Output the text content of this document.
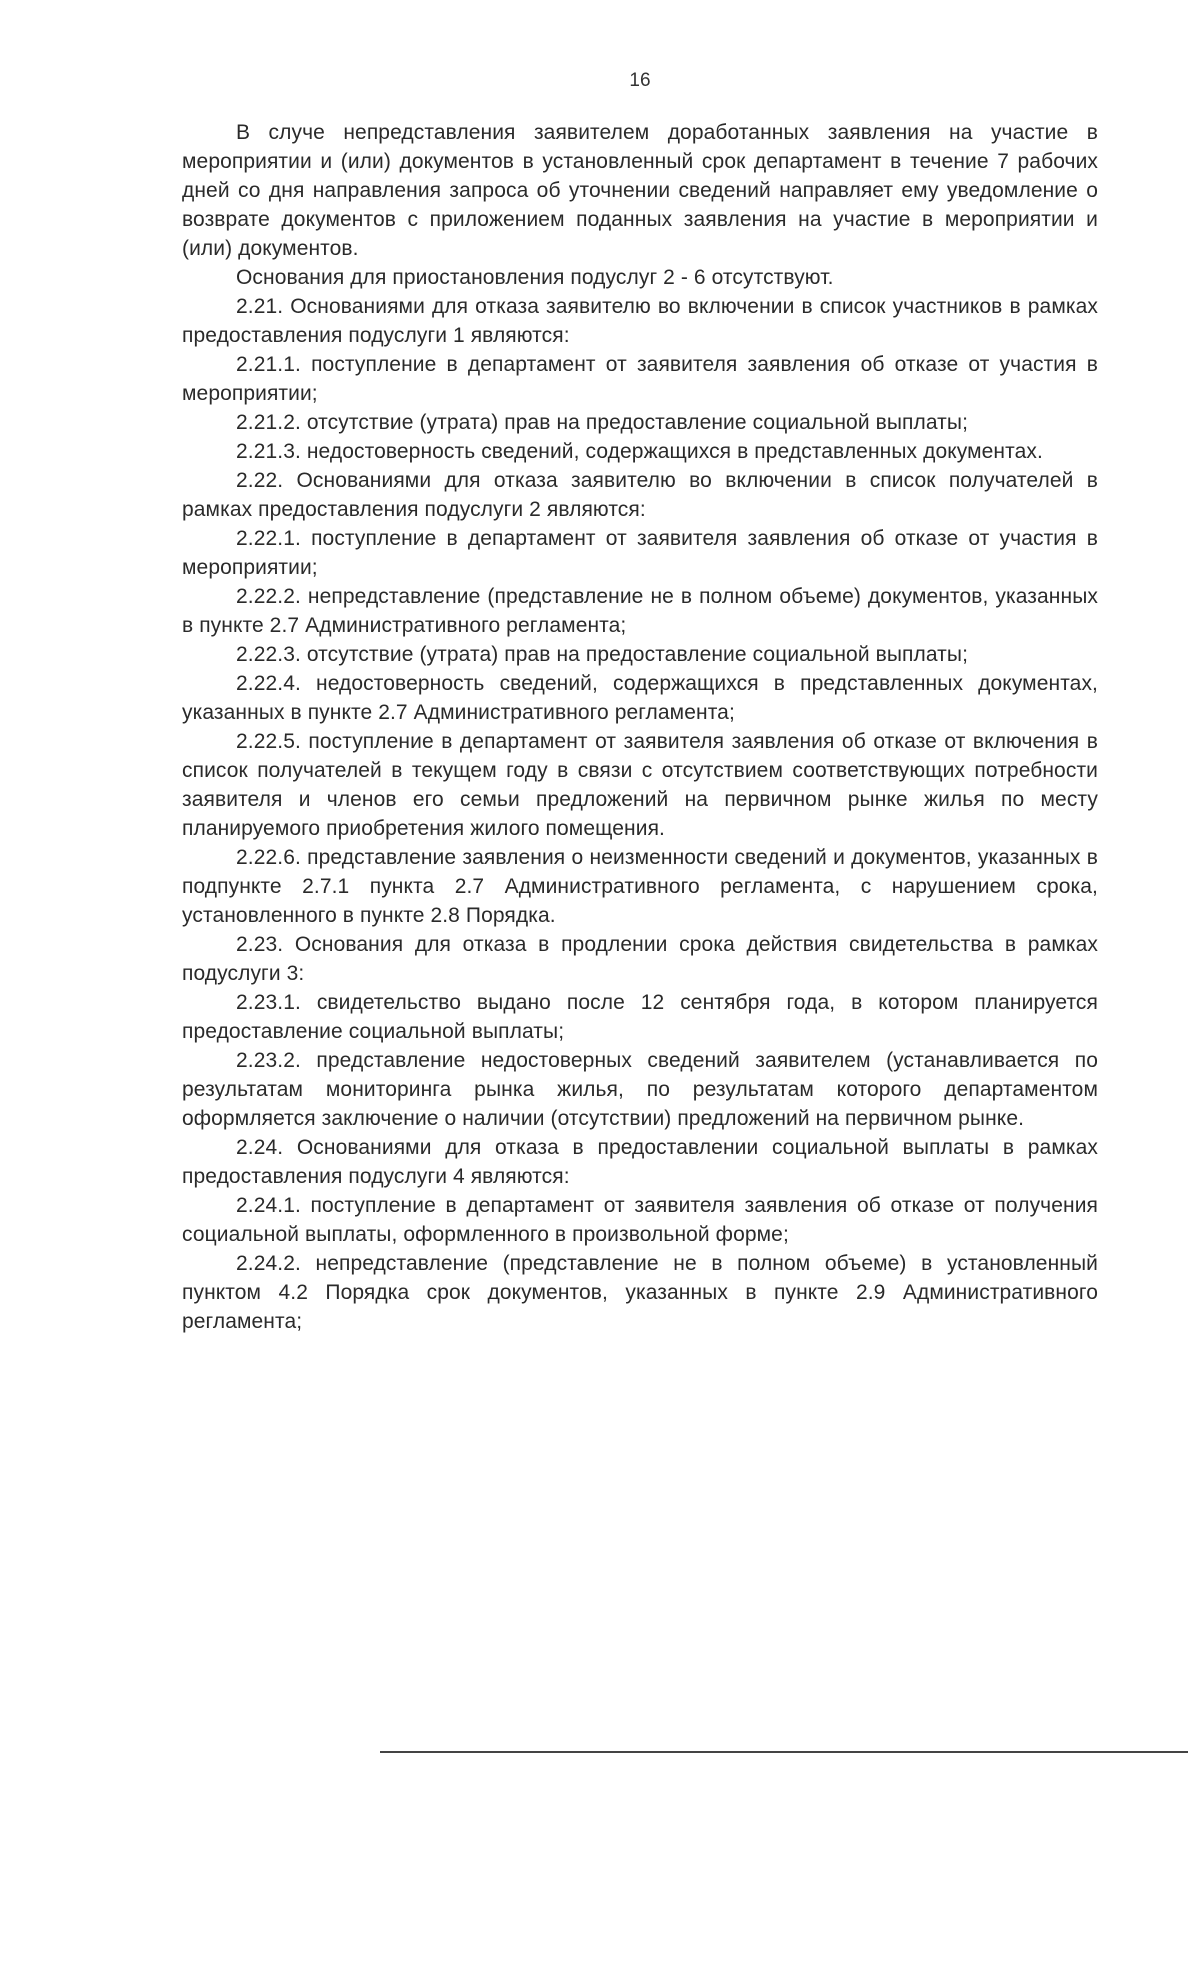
16

В случе непредставления заявителем доработанных заявления на участие в мероприятии и (или) документов в установленный срок департамент в течение 7 рабочих дней со дня направления запроса об уточнении сведений направляет ему уведомление о возврате документов с приложением поданных заявления на участие в мероприятии и (или) документов.

Основания для приостановления подуслуг 2 - 6 отсутствуют.

2.21. Основаниями для отказа заявителю во включении в список участников в рамках предоставления подуслуги 1 являются:

2.21.1. поступление в департамент от заявителя заявления об отказе от участия в мероприятии;

2.21.2. отсутствие (утрата) прав на предоставление социальной выплаты;

2.21.3. недостоверность сведений, содержащихся в представленных документах.

2.22. Основаниями для отказа заявителю во включении в список получателей в рамках предоставления подуслуги 2 являются:

2.22.1. поступление в департамент от заявителя заявления об отказе от участия в мероприятии;

2.22.2. непредставление (представление не в полном объеме) документов, указанных в пункте 2.7 Административного регламента;

2.22.3. отсутствие (утрата) прав на предоставление социальной выплаты;

2.22.4. недостоверность сведений, содержащихся в представленных документах, указанных в пункте 2.7 Административного регламента;

2.22.5. поступление в департамент от заявителя заявления об отказе от включения в список получателей в текущем году в связи с отсутствием соответствующих потребности заявителя и членов его семьи предложений на первичном рынке жилья по месту планируемого приобретения жилого помещения.

2.22.6. представление заявления о неизменности сведений и документов, указанных в подпункте 2.7.1 пункта 2.7 Административного регламента, с нарушением срока, установленного в пункте 2.8 Порядка.

2.23. Основания для отказа в продлении срока действия свидетельства в рамках подуслуги 3:

2.23.1. свидетельство выдано после 12 сентября года, в котором планируется предоставление социальной выплаты;

2.23.2. представление недостоверных сведений заявителем (устанавливается по результатам мониторинга рынка жилья, по результатам которого департаментом оформляется заключение о наличии (отсутствии) предложений на первичном рынке.

2.24. Основаниями для отказа в предоставлении социальной выплаты в рамках предоставления подуслуги 4 являются:

2.24.1. поступление в департамент от заявителя заявления об отказе от получения социальной выплаты, оформленного в произвольной форме;

2.24.2. непредставление (представление не в полном объеме) в установленный пунктом 4.2 Порядка срок документов, указанных в пункте 2.9 Административного регламента;
